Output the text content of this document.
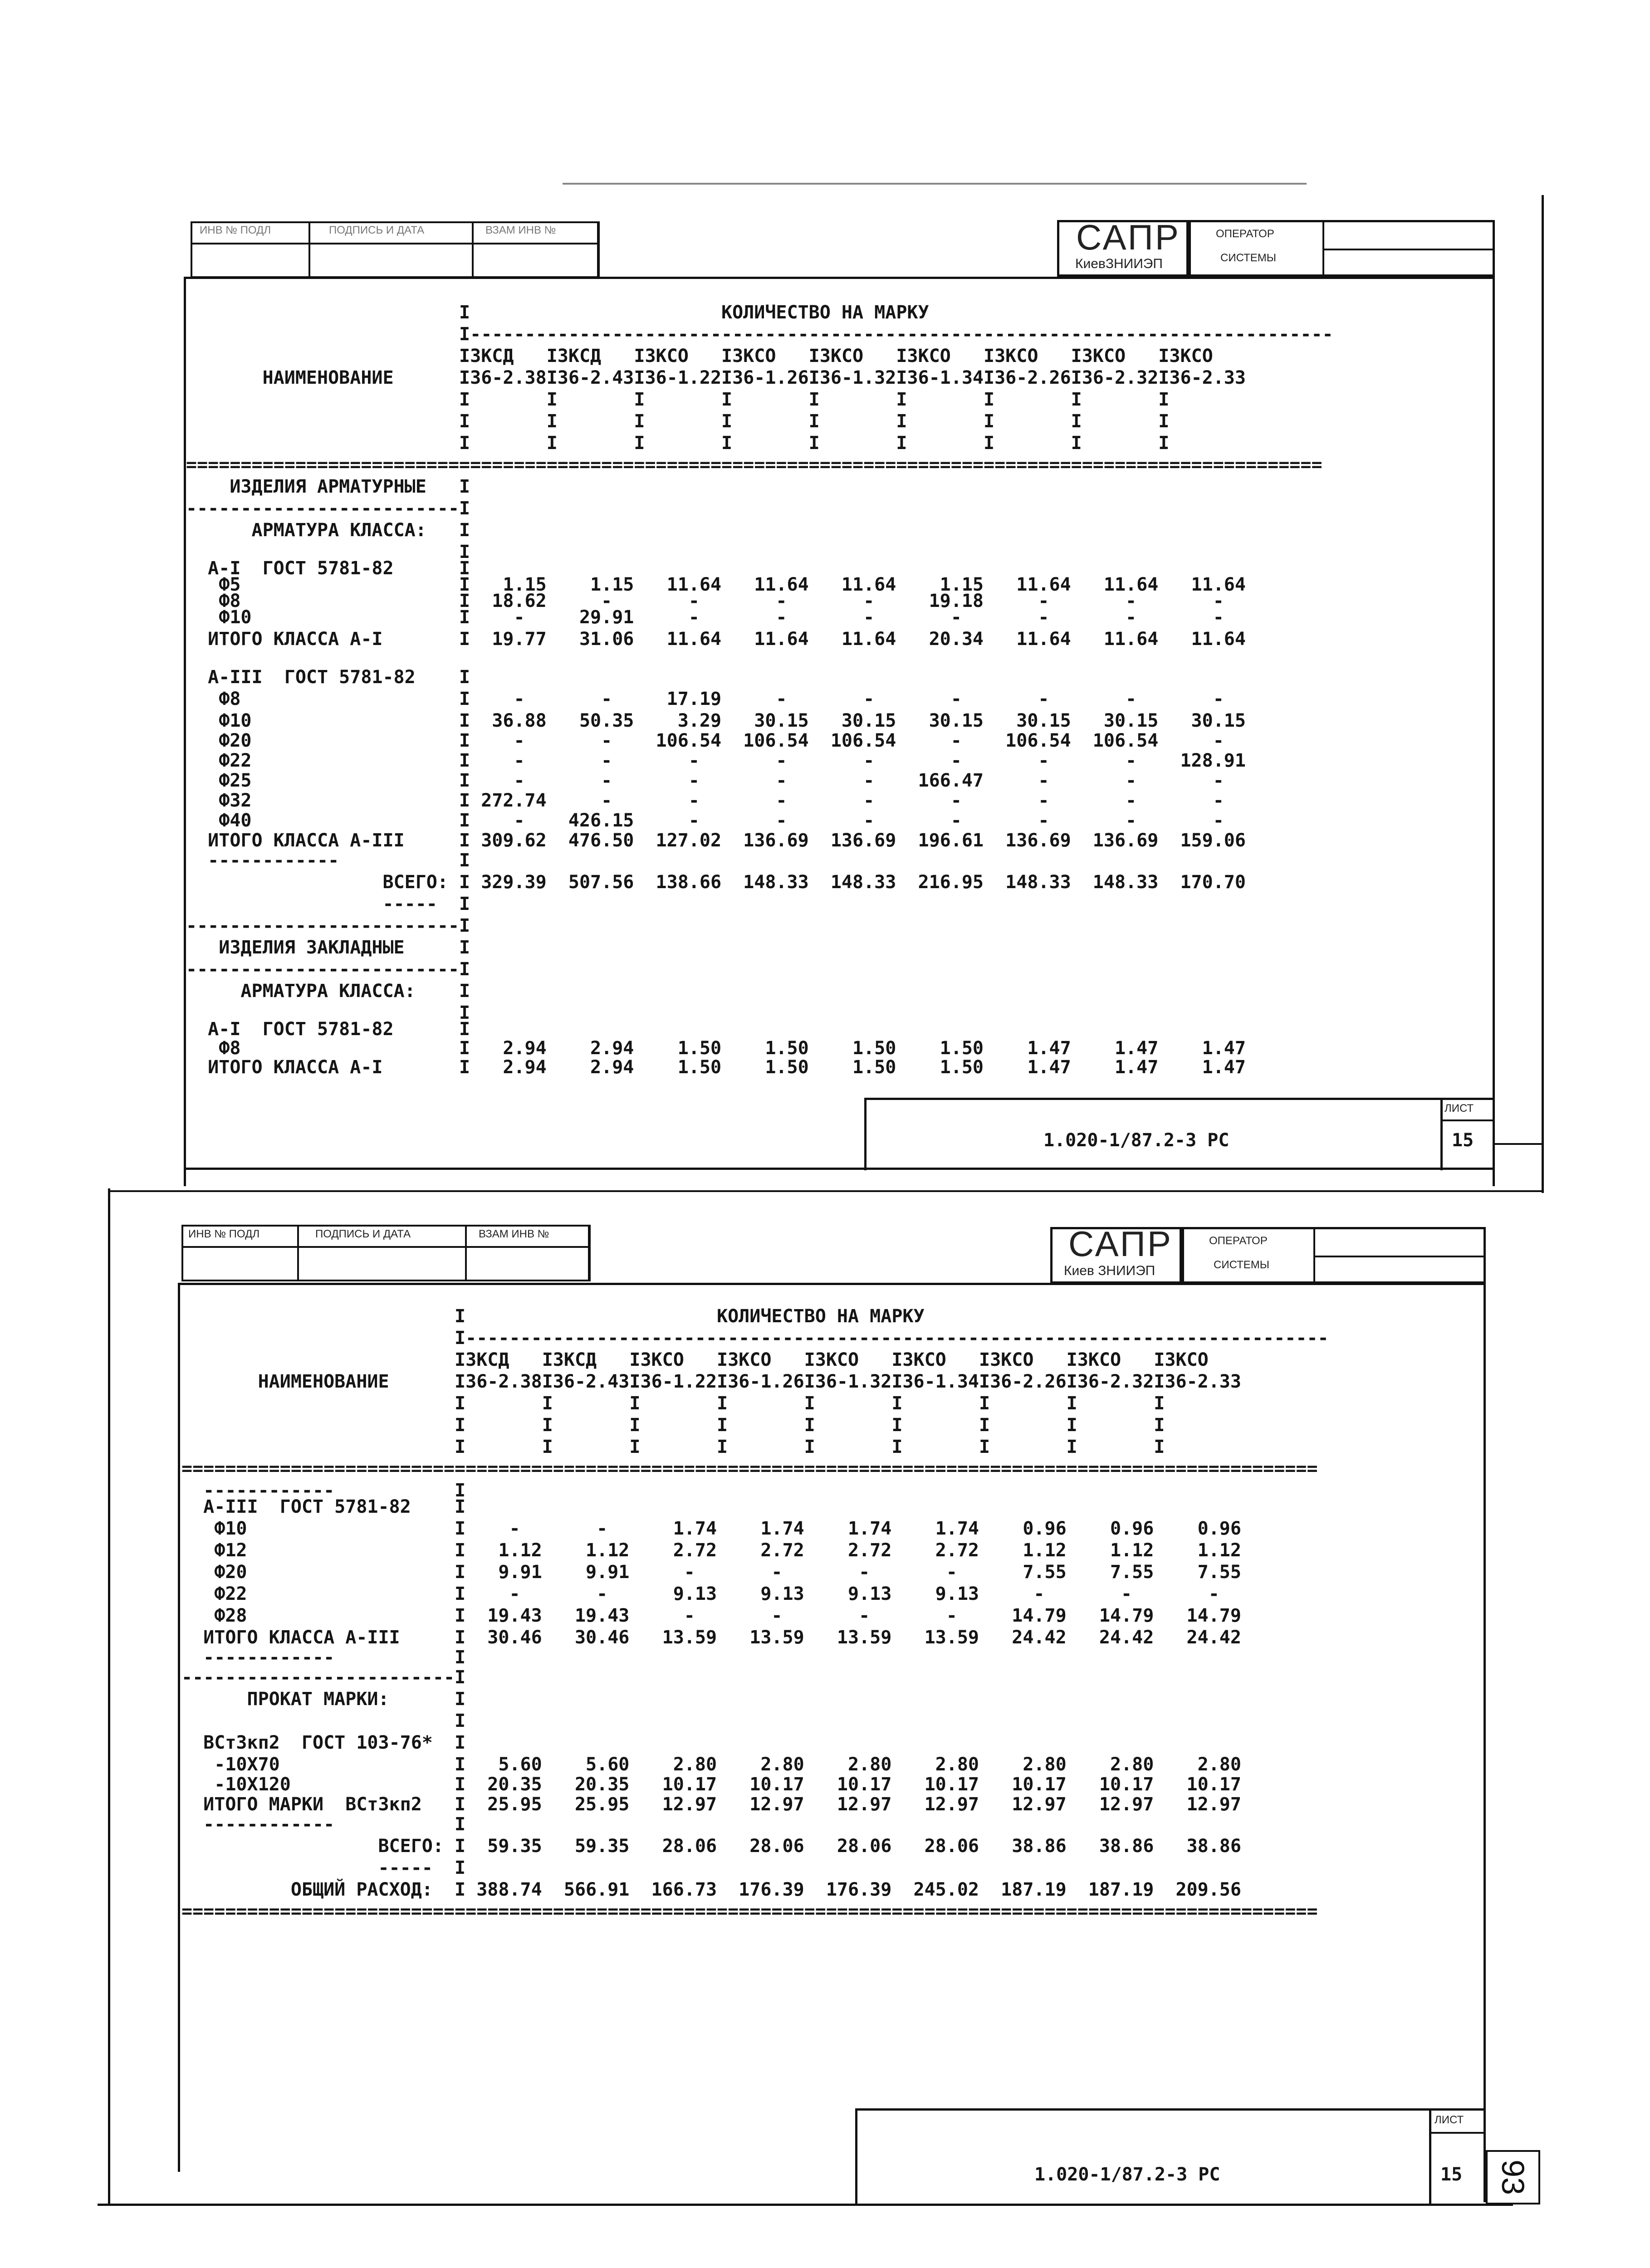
ИНВ № ПОДЛ	ПОДПИСЬ И ДАТА	ВЗАМ ИНВ №	САПР
КиевЗНИИЭП
ОПЕРАТОР
СИСТЕМЫ
I                       КОЛИЧЕСТВО НА МАРКУ
I-------------------------------------------------------------------------------
I3КСД   I3КСД   I3КСО   I3КСО   I3КСО   I3КСО   I3КСО   I3КСО   I3КСО
НАИМЕНОВАНИЕ      I36-2.38I36-2.43I36-1.22I36-1.26I36-1.32I36-1.34I36-2.26I36-2.32I36-2.33
I       I       I       I       I       I       I       I       I
I       I       I       I       I       I       I       I       I
I       I       I       I       I       I       I       I       I
========================================================================================================
ИЗДЕЛИЯ АРМАТУРНЫЕ   I
-------------------------I
АРМАТУРА КЛАССА:   I
I
А-I  ГОСТ 5781-82      I
Ф5                    I   1.15    1.15   11.64   11.64   11.64    1.15   11.64   11.64   11.64
Ф8                    I  18.62     -       -       -       -     19.18     -       -       -
Ф10                   I    -     29.91     -       -       -       -       -       -       -
ИТОГО КЛАССА А-I       I  19.77   31.06   11.64   11.64   11.64   20.34   11.64   11.64   11.64
А-III  ГОСТ 5781-82    I
Ф8                    I    -       -     17.19     -       -       -       -       -       -
Ф10                   I  36.88   50.35    3.29   30.15   30.15   30.15   30.15   30.15   30.15
Ф20                   I    -       -    106.54  106.54  106.54     -    106.54  106.54     -
Ф22                   I    -       -       -       -       -       -       -       -    128.91
Ф25                   I    -       -       -       -       -    166.47     -       -       -
Ф32                   I 272.74     -       -       -       -       -       -       -       -
Ф40                   I    -    426.15     -       -       -       -       -       -       -
ИТОГО КЛАССА А-III     I 309.62  476.50  127.02  136.69  136.69  196.61  136.69  136.69  159.06
------------           I
ВСЕГО: I 329.39  507.56  138.66  148.33  148.33  216.95  148.33  148.33  170.70
-----  I
-------------------------I
ИЗДЕЛИЯ ЗАКЛАДНЫЕ     I
-------------------------I
АРМАТУРА КЛАССА:    I
I
А-I  ГОСТ 5781-82      I
Ф8                    I   2.94    2.94    1.50    1.50    1.50    1.50    1.47    1.47    1.47
ИТОГО КЛАССА А-I       I   2.94    2.94    1.50    1.50    1.50    1.50    1.47    1.47    1.47
1.020-1/87.2-3 РС
ЛИСТ
15
ИНВ № ПОДЛ	ПОДПИСЬ И ДАТА	ВЗАМ ИНВ №	САПР
Киев ЗНИИЭП
ОПЕРАТОР
СИСТЕМЫ
I                       КОЛИЧЕСТВО НА МАРКУ
I-------------------------------------------------------------------------------
I3КСД   I3КСД   I3КСО   I3КСО   I3КСО   I3КСО   I3КСО   I3КСО   I3КСО
НАИМЕНОВАНИЕ      I36-2.38I36-2.43I36-1.22I36-1.26I36-1.32I36-1.34I36-2.26I36-2.32I36-2.33
I       I       I       I       I       I       I       I       I
I       I       I       I       I       I       I       I       I
I       I       I       I       I       I       I       I       I
========================================================================================================
------------           I
А-III  ГОСТ 5781-82    I
Ф10                   I    -       -      1.74    1.74    1.74    1.74    0.96    0.96    0.96
Ф12                   I   1.12    1.12    2.72    2.72    2.72    2.72    1.12    1.12    1.12
Ф20                   I   9.91    9.91     -       -       -       -      7.55    7.55    7.55
Ф22                   I    -       -      9.13    9.13    9.13    9.13     -       -       -
Ф28                   I  19.43   19.43     -       -       -       -     14.79   14.79   14.79
ИТОГО КЛАССА А-III     I  30.46   30.46   13.59   13.59   13.59   13.59   24.42   24.42   24.42
------------           I
-------------------------I
ПРОКАТ МАРКИ:      I
I
ВСт3кп2  ГОСТ 103-76*  I
-10Х70                I   5.60    5.60    2.80    2.80    2.80    2.80    2.80    2.80    2.80
-10Х120               I  20.35   20.35   10.17   10.17   10.17   10.17   10.17   10.17   10.17
ИТОГО МАРКИ  ВСт3кп2   I  25.95   25.95   12.97   12.97   12.97   12.97   12.97   12.97   12.97
------------           I
ВСЕГО: I  59.35   59.35   28.06   28.06   28.06   28.06   38.86   38.86   38.86
-----  I
ОБЩИЙ РАСХОД:  I 388.74  566.91  166.73  176.39  176.39  245.02  187.19  187.19  209.56
========================================================================================================
1.020-1/87.2-3 РС
ЛИСТ
15 93
